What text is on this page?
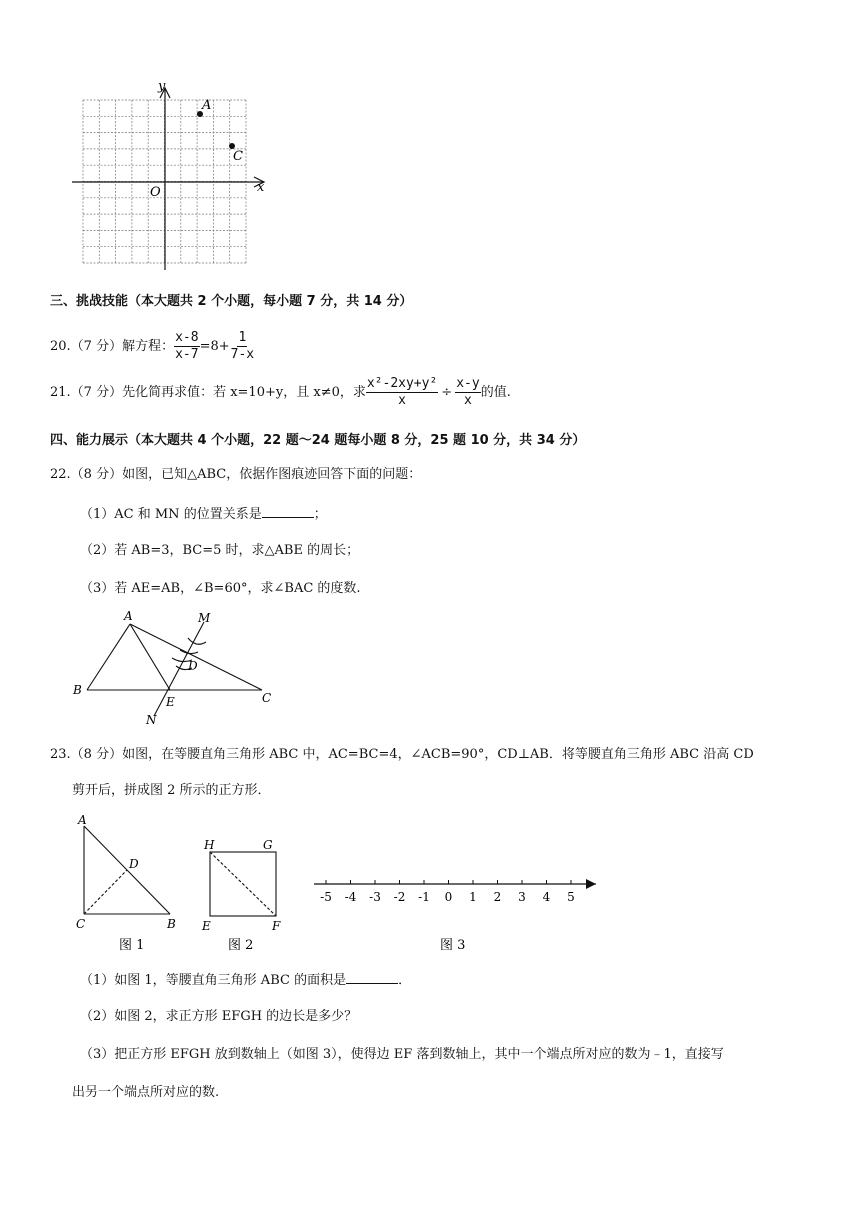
y
x
O
A
C
三、挑战技能（本大题共 2 个小题，每小题 7 分，共 14 分）
20.（7 分）解方程： $\frac{x-8}{x-7} =8+ \frac{1}{7-x}$
21.（7 分）先化简再求值：若 x=10+y，且 x≠0，求 $\frac{\text{x²-2xy+y²}}{x} \div \frac{x-y}{x}$ 的值.
四、能力展示（本大题共 4 个小题，22 题～24 题每小题 8 分，25 题 10 分，共 34 分）
22.（8 分）如图，已知△ABC，依据作图痕迹回答下面的问题：
（1）AC 和 MN 的位置关系是	；
（2）若 AB=3，BC=5 时，求△ABE 的周长；
（3）若 AE=AB，∠B=60°，求∠BAC 的度数.
A
B
C
D
E
M
N
23.（8 分）如图，在等腰直角三角形 ABC 中，AC=BC=4，∠ACB=90°，CD⊥AB．将等腰直角三角形 ABC 沿高 CD
剪开后，拼成图 2 所示的正方形．
A
C	B
D
图 1
H	G
E	F
图 2
-5 -4 -3 -2 -1 0 1 2 3 4 5
图 3
（1）如图 1，等腰直角三角形 ABC 的面积是	．
（2）如图 2，求正方形 EFGH 的边长是多少？
（3）把正方形 EFGH 放到数轴上（如图 3），使得边 EF 落到数轴上，其中一个端点所对应的数为﹣1，直接写
出另一个端点所对应的数.
